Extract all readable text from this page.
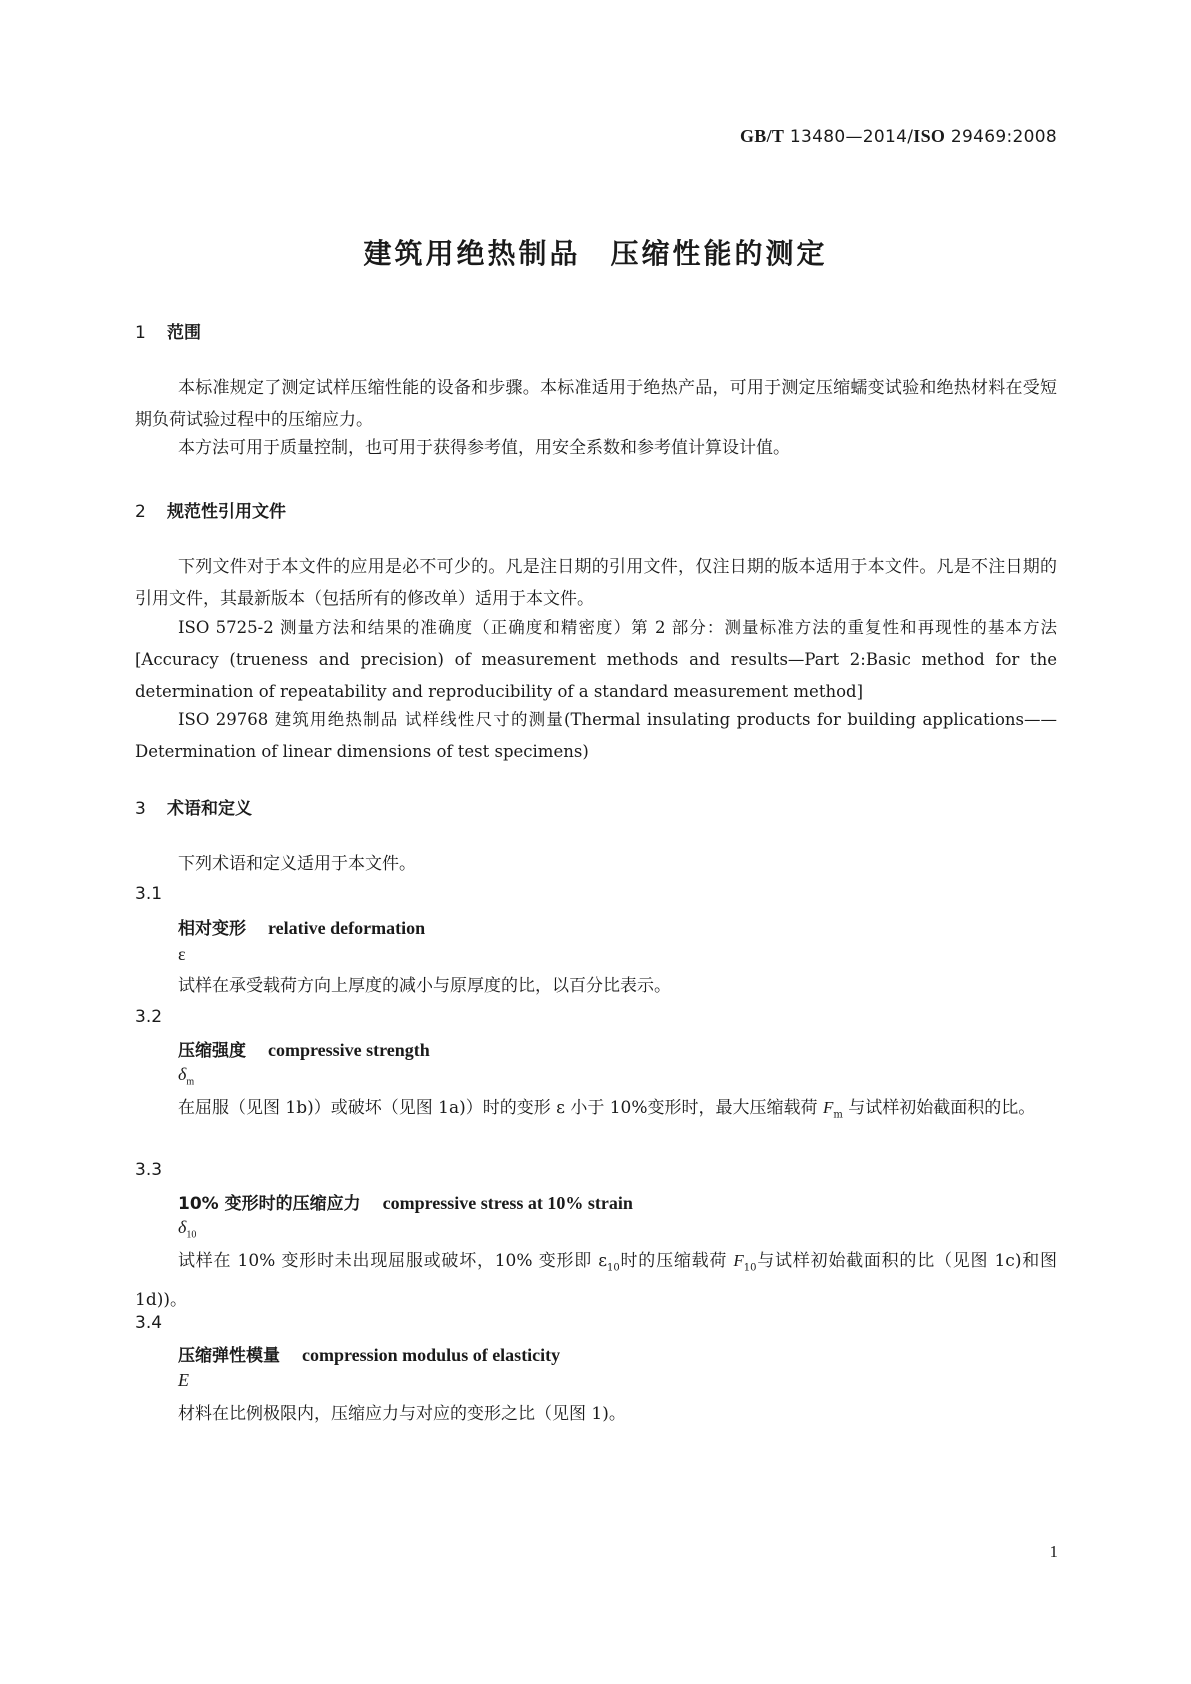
GB/T 13480—2014/ISO 29469:2008
建筑用绝热制品 压缩性能的测定
1 范围
本标准规定了测定试样压缩性能的设备和步骤。本标准适用于绝热产品，可用于测定压缩蠕变试验和绝热材料在受短期负荷试验过程中的压缩应力。
本方法可用于质量控制，也可用于获得参考值，用安全系数和参考值计算设计值。
2 规范性引用文件
下列文件对于本文件的应用是必不可少的。凡是注日期的引用文件，仅注日期的版本适用于本文件。凡是不注日期的引用文件，其最新版本（包括所有的修改单）适用于本文件。
ISO 5725-2 测量方法和结果的准确度（正确度和精密度）第 2 部分：测量标准方法的重复性和再现性的基本方法[Accuracy (trueness and precision) of measurement methods and results—Part 2:Basic method for the determination of repeatability and reproducibility of a standard measurement method]
ISO 29768 建筑用绝热制品 试样线性尺寸的测量(Thermal insulating products for building applications——Determination of linear dimensions of test specimens)
3 术语和定义
下列术语和定义适用于本文件。
3.1
相对变形 relative deformation
ε
试样在承受载荷方向上厚度的减小与原厚度的比，以百分比表示。
3.2
压缩强度 compressive strength
$\delta_m$
在屈服（见图 1b)）或破坏（见图 1a)）时的变形 ε 小于 10%变形时，最大压缩载荷 $F_m$ 与试样初始截面积的比。
3.3
10% 变形时的压缩应力 compressive stress at 10% strain
$\delta_{10}$
试样在 10% 变形时未出现屈服或破坏，10% 变形即 $\varepsilon_{10}$时的压缩载荷 $F_{10}$与试样初始截面积的比（见图 1c)和图 1d))。
3.4
压缩弹性模量 compression modulus of elasticity
E
材料在比例极限内，压缩应力与对应的变形之比（见图 1)。
1
